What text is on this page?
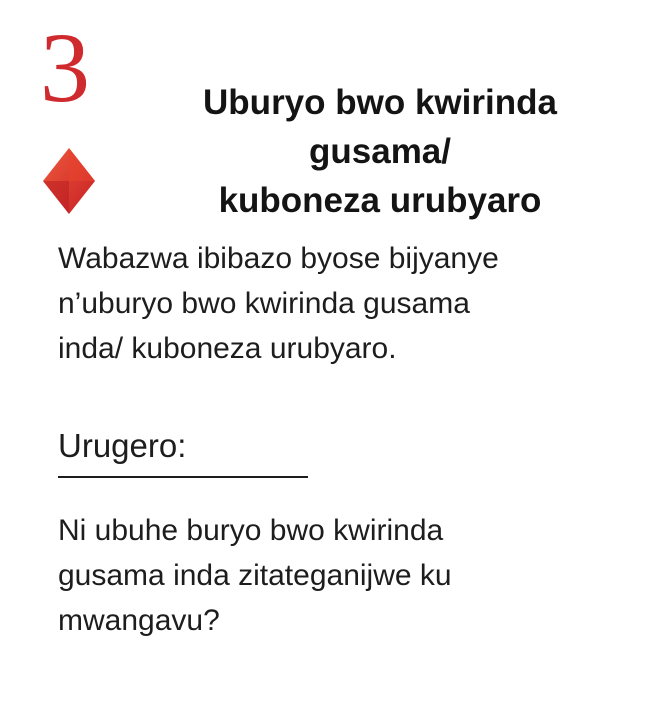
3	Uburyo bwo kwirinda
gusama/
kuboneza urubyaro
Wabazwa ibibazo byose bijyanye
n’uburyo bwo kwirinda gusama
inda/ kuboneza urubyaro.
Urugero:
Ni ubuhe buryo bwo kwirinda
gusama inda zitateganijwe ku
mwangavu?
